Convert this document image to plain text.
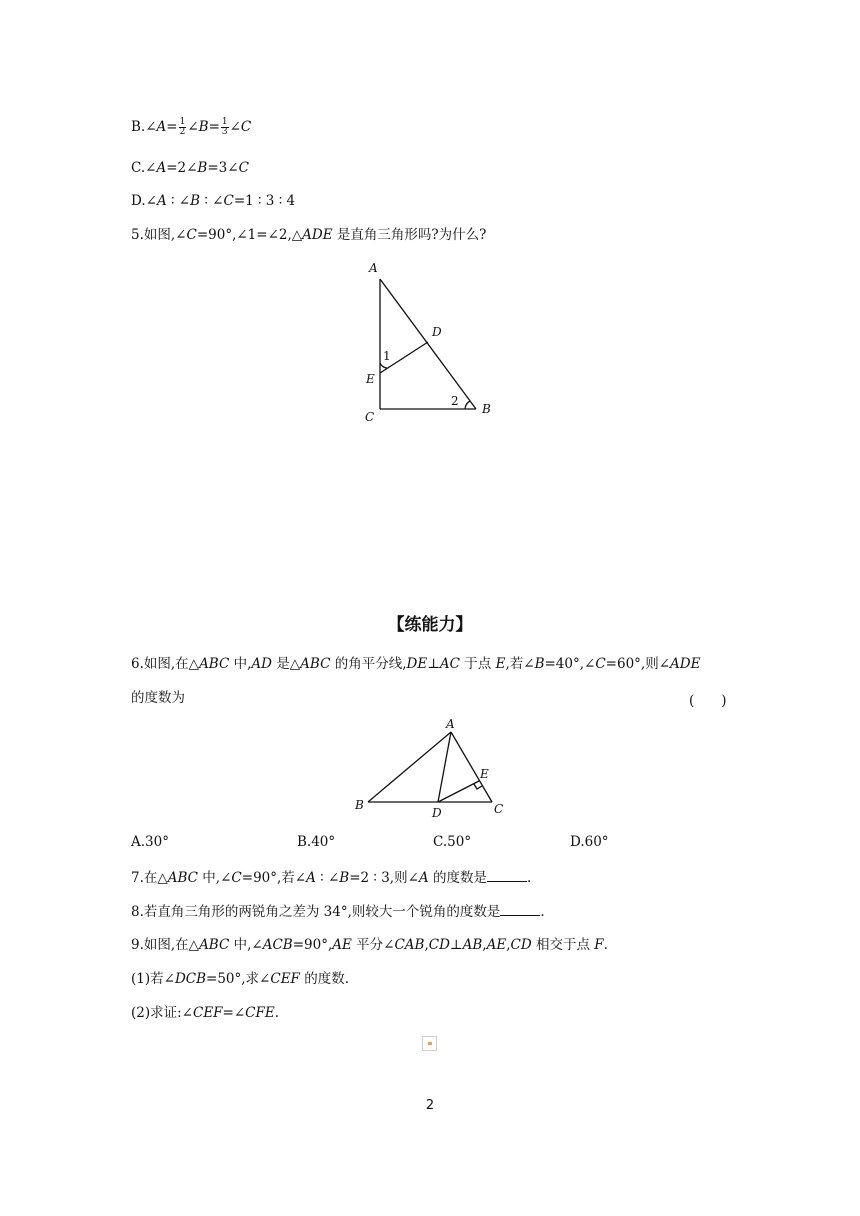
B.∠A= $\frac{1}{2}$ ∠B= $\frac{1}{3}$ ∠C
C.∠A=2∠B=3∠C
D.∠A ∶ ∠B ∶ ∠C=1 ∶ 3 ∶ 4
5.如图,∠C=90°,∠1=∠2,△ADE 是直角三角形吗?为什么?
A
D
E
C
B
1
2
【练能力】
6.如图,在△ABC 中,AD 是△ABC 的角平分线,DE⊥AC 于点 E,若∠B=40°,∠C=60°,则∠ADE
的度数为	(　　)
A
B
D	C
E
A.30°	B.40°	C.50°	D.60°
7.在△ABC 中,∠C=90°,若∠A ∶ ∠B=2 ∶ 3,则∠A 的度数是	.
8.若直角三角形的两锐角之差为 34°,则较大一个锐角的度数是	.
9.如图,在△ABC 中,∠ACB=90°,AE 平分∠CAB,CD⊥AB,AE,CD 相交于点 F.
(1)若∠DCB=50°,求∠CEF 的度数.
(2)求证:∠CEF=∠CFE.
2
